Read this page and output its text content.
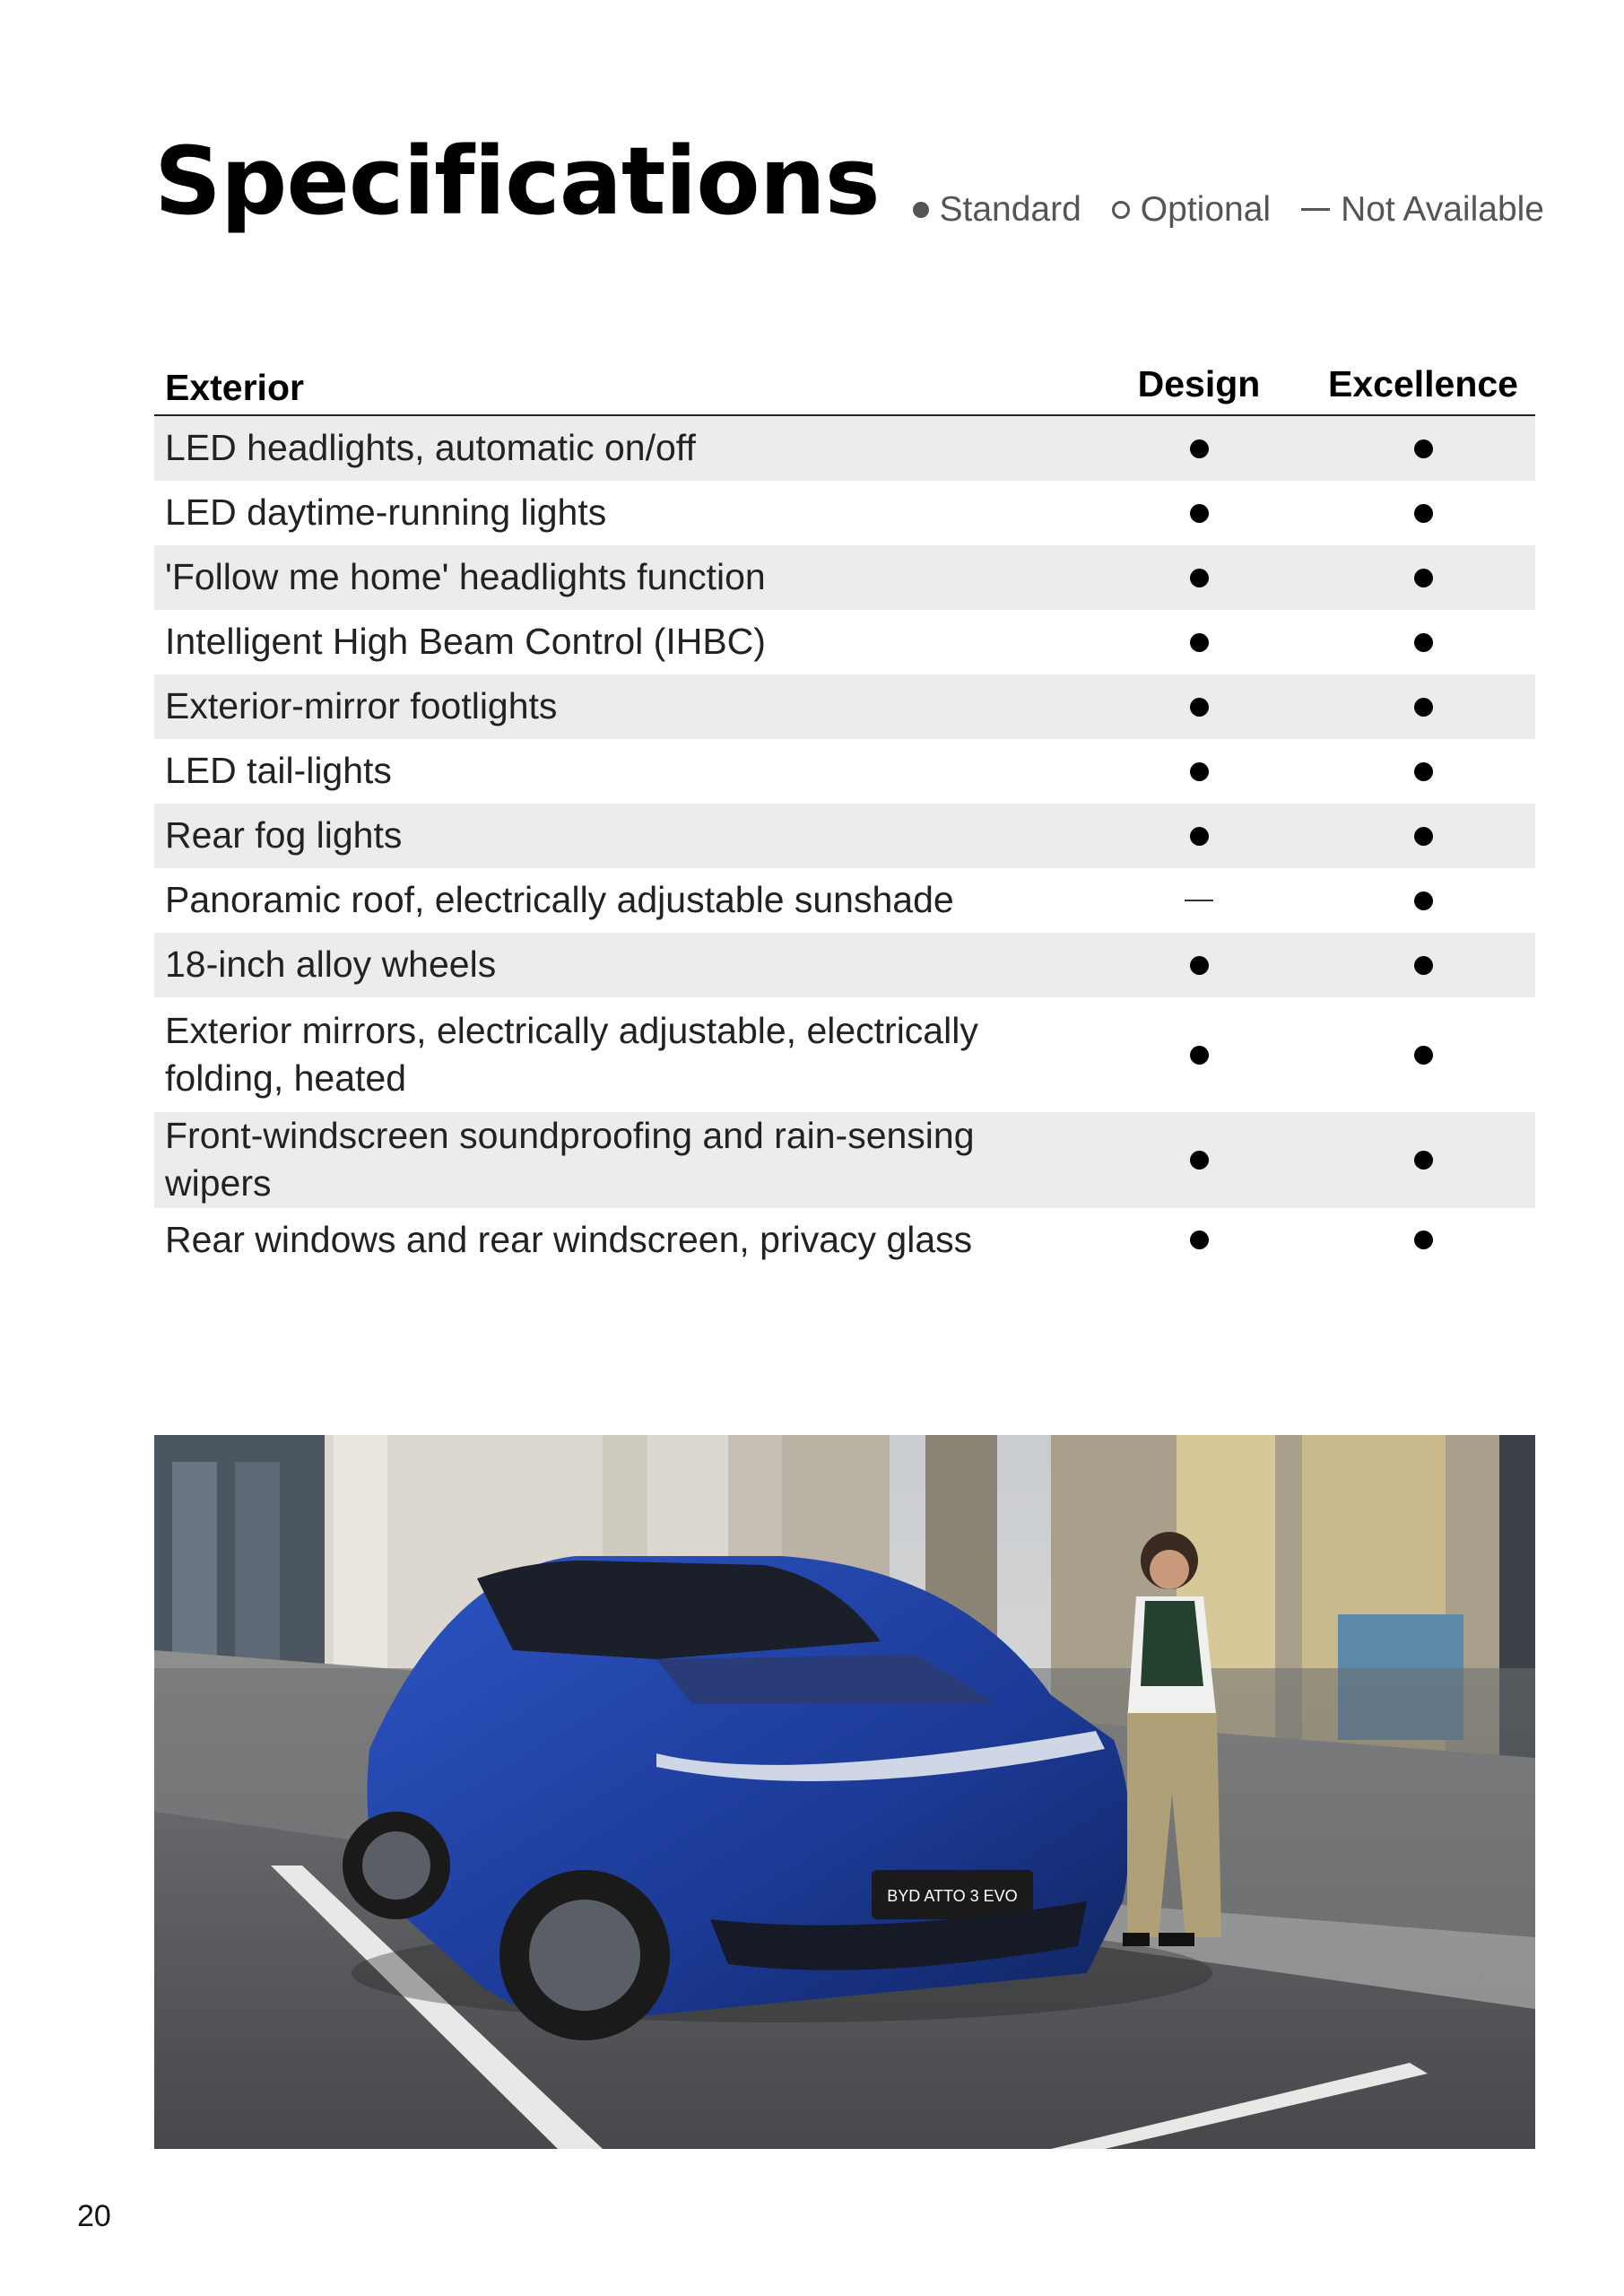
Specifications Standard Optional Not Available
Exterior	Design	Excellence
LED headlights, automatic on/off
LED daytime-running lights
'Follow me home' headlights function
Intelligent High Beam Control (IHBC)
Exterior-mirror footlights
LED tail-lights
Rear fog lights
Panoramic roof, electrically adjustable sunshade
18-inch alloy wheels
Exterior mirrors, electrically adjustable, electrically folding, heated
Front-windscreen soundproofing and rain-sensing wipers
Rear windows and rear windscreen, privacy glass
BYD ATTO 3 EVO
20
